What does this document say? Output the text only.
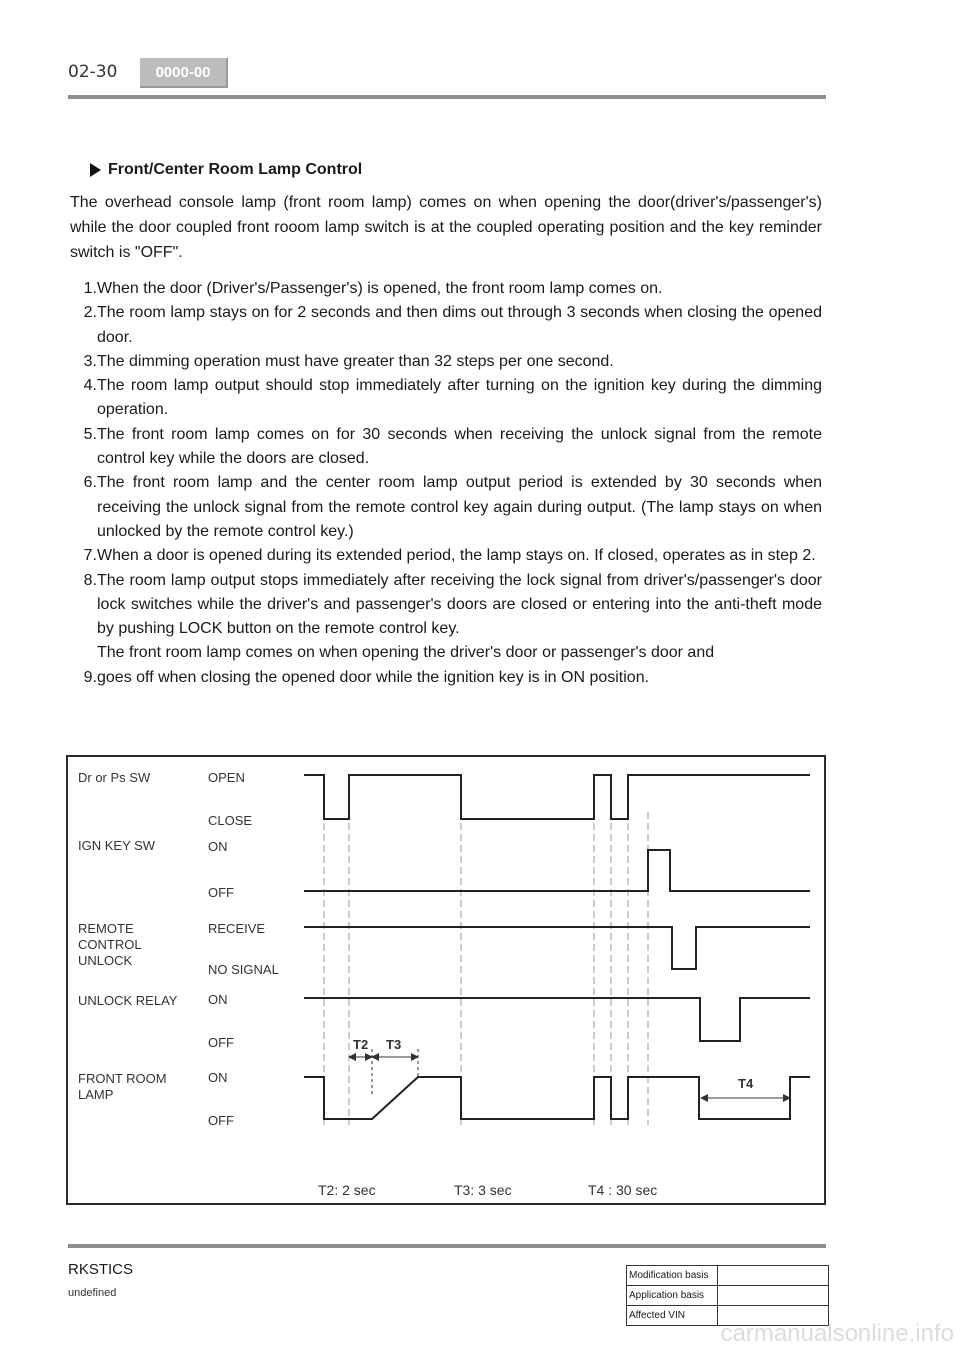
02-30	0000-00
Front/Center Room Lamp Control

The overhead console lamp (front room lamp) comes on when opening the door(driver's/passenger's) while the door coupled front rooom lamp switch is at the coupled operating position and the key reminder switch is "OFF".

1. When the door (Driver's/Passenger's) is opened, the front room lamp comes on.
2. The room lamp stays on for 2 seconds and then dims out through 3 seconds when closing the opened door.
3. The dimming operation must have greater than 32 steps per one second.
4. The room lamp output should stop immediately after turning on the ignition key during the dimming operation.
5. The front room lamp comes on for 30 seconds when receiving the unlock signal from the remote control key while the doors are closed.
6. The front room lamp and the center room lamp output period is extended by 30 seconds when receiving the unlock signal from the remote control key again during output. (The lamp stays on when unlocked by the remote control key.)
7. When a door is opened during its extended period, the lamp stays on. If closed, operates as in step 2.
8. The room lamp output stops immediately after receiving the lock signal from driver's/passenger's door lock switches while the driver's and passenger's doors are closed or entering into the anti-theft mode by pushing LOCK button on the remote control key.
The front room lamp comes on when opening the driver's door or passenger's door and
9. goes off when closing the opened door while the ignition key is in ON position.
Dr or Ps SW	OPEN
CLOSE
IGN KEY SW	ON
OFF
REMOTE
CONTROL
UNLOCK
RECEIVE
NO SIGNAL
UNLOCK RELAY ON
OFF
FRONT ROOM
LAMP
ON
OFF
T2 T3
T4
T2: 2 sec	T3: 3 sec	T4 : 30 sec
RKSTICS
undefined
Modification basis	
Application basis	
Affected VIN	
carmanualsonline.info
